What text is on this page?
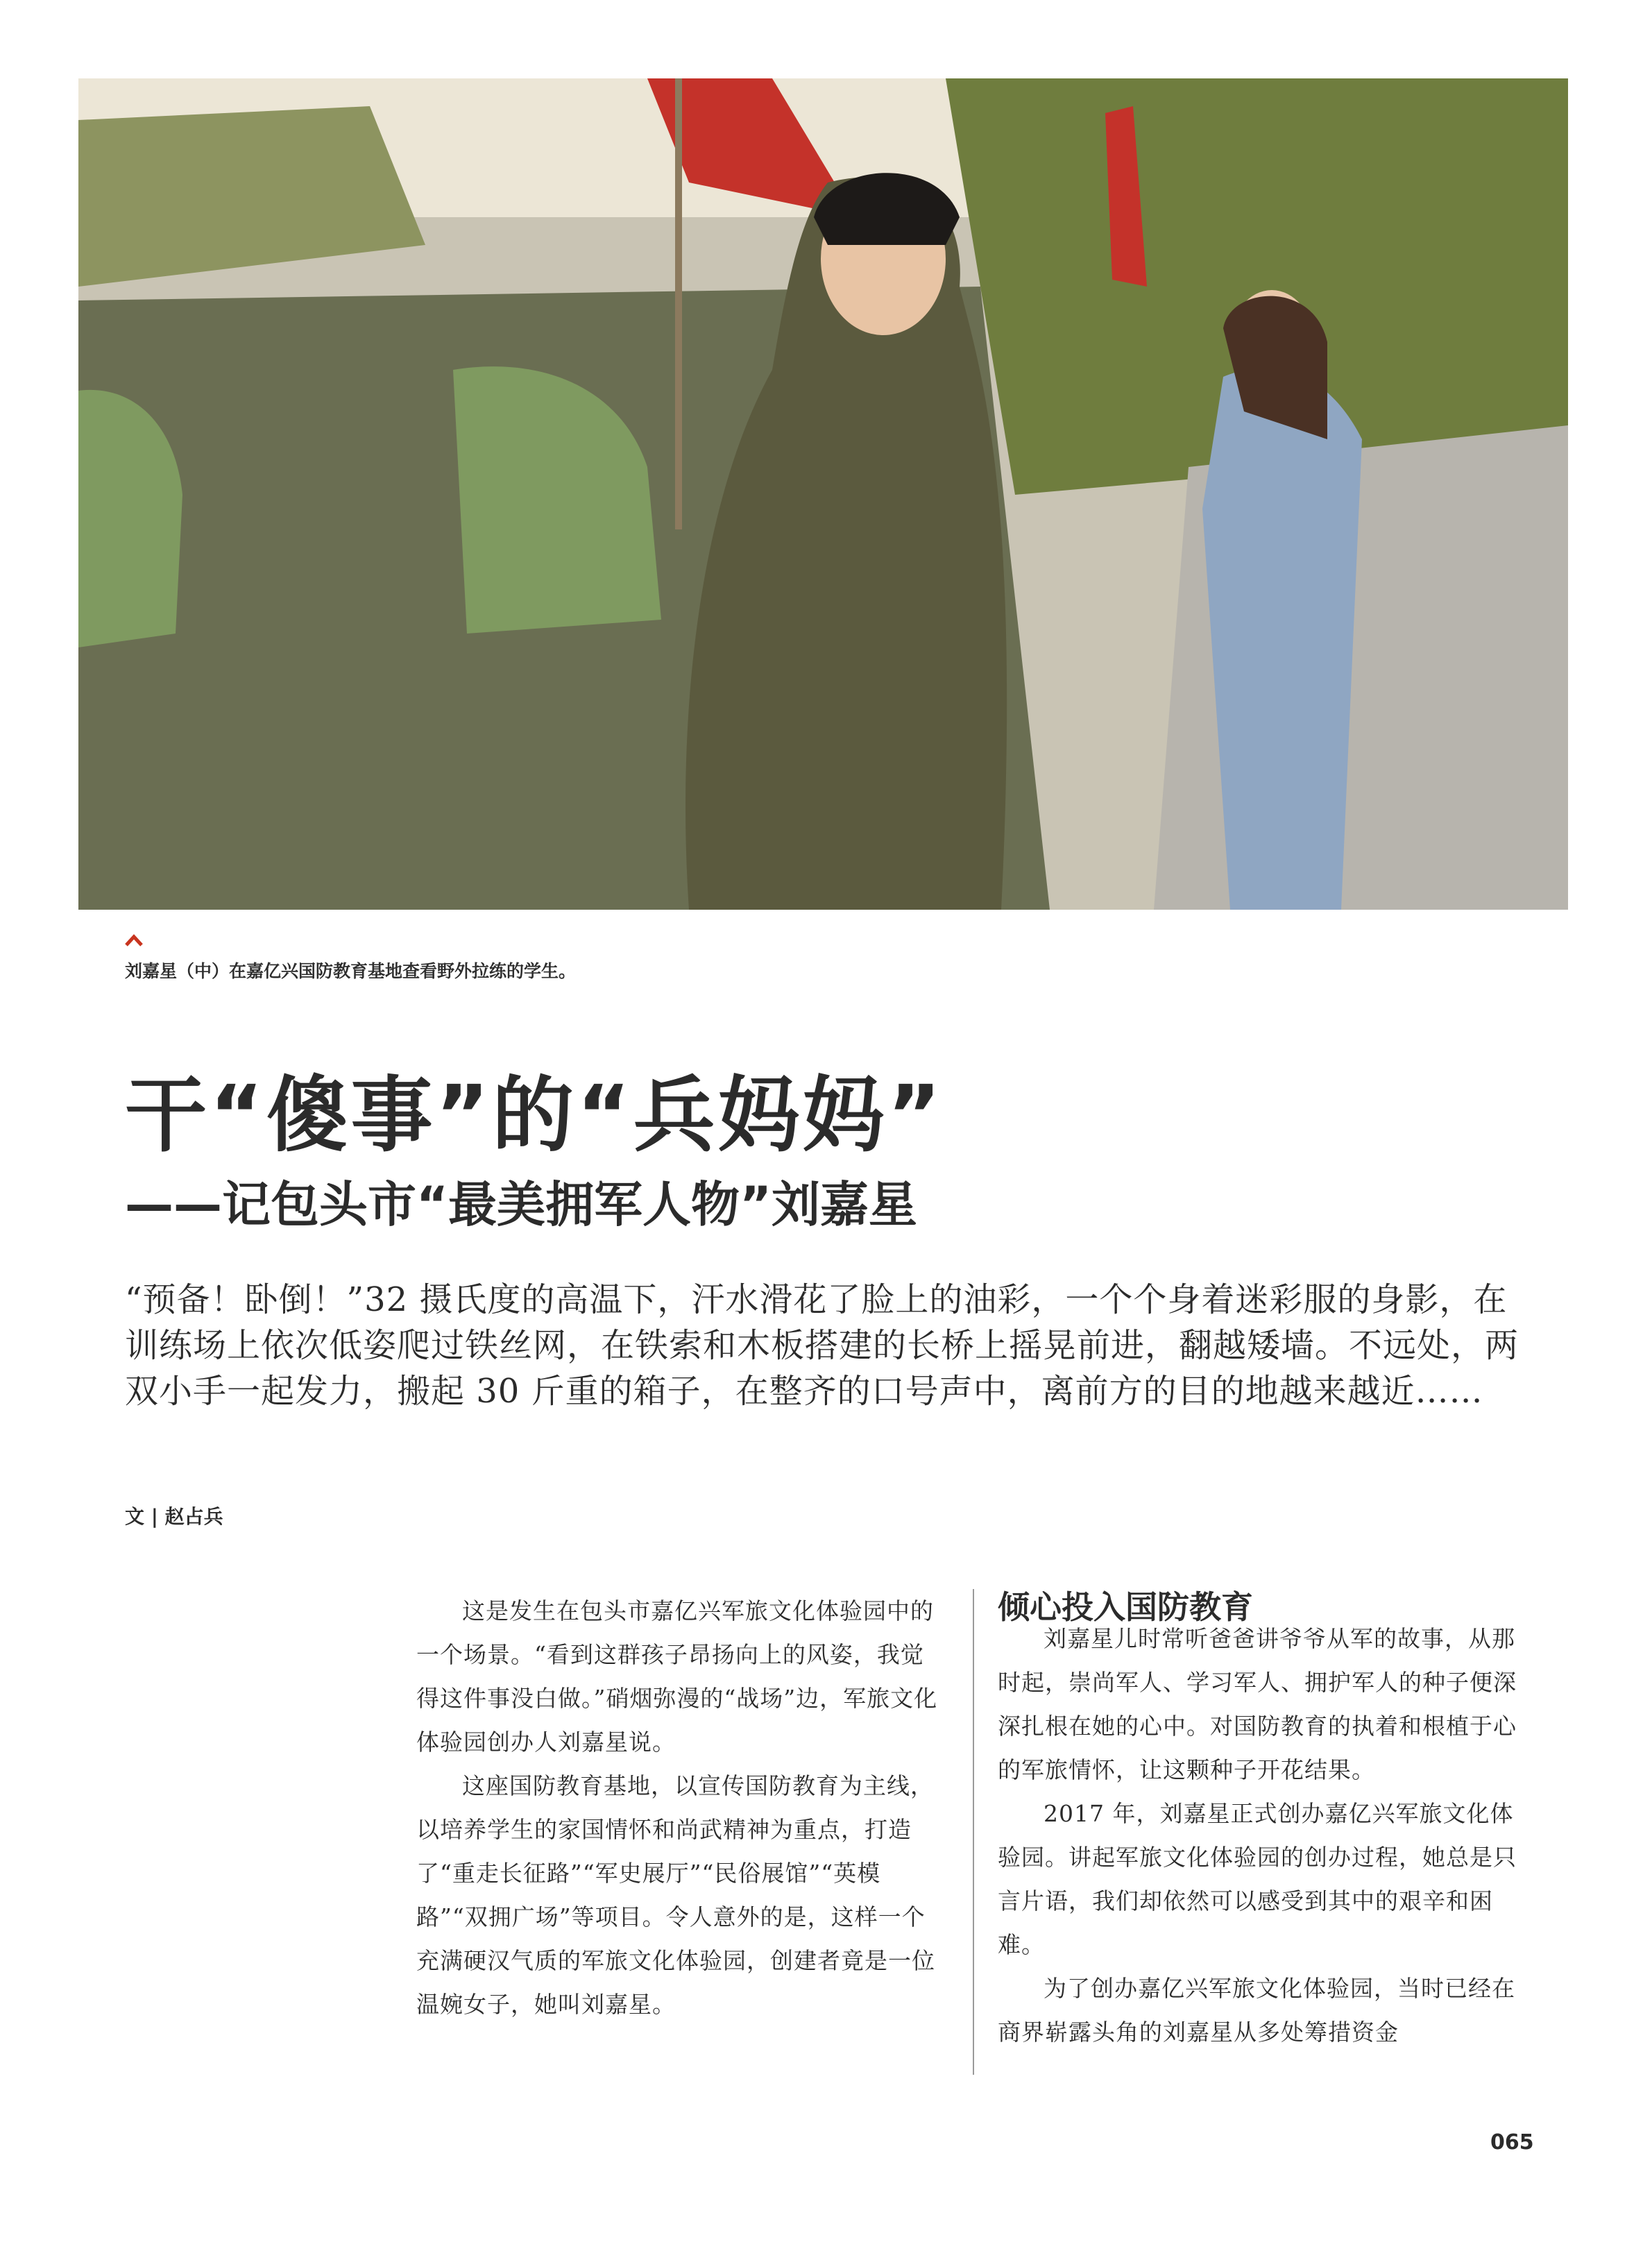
刘嘉星（中）在嘉亿兴国防教育基地查看野外拉练的学生。
干“傻事”的“兵妈妈”
——记包头市“最美拥军人物”刘嘉星
“预备！卧倒！”32 摄氏度的高温下，汗水滑花了脸上的油彩，一个个身着迷彩服的身影，在训练场上依次低姿爬过铁丝网，在铁索和木板搭建的长桥上摇晃前进，翻越矮墙。不远处，两双小手一起发力，搬起 30 斤重的箱子，在整齐的口号声中，离前方的目的地越来越近……
文 | 赵占兵

这是发生在包头市嘉亿兴军旅文化体验园中的一个场景。“看到这群孩子昂扬向上的风姿，我觉得这件事没白做。”硝烟弥漫的“战场”边，军旅文化体验园创办人刘嘉星说。

这座国防教育基地，以宣传国防教育为主线，以培养学生的家国情怀和尚武精神为重点，打造了“重走长征路”“军史展厅”“民俗展馆”“英模路”“双拥广场”等项目。令人意外的是，这样一个充满硬汉气质的军旅文化体验园，创建者竟是一位温婉女子，她叫刘嘉星。

倾心投入国防教育

刘嘉星儿时常听爸爸讲爷爷从军的故事，从那时起，崇尚军人、学习军人、拥护军人的种子便深深扎根在她的心中。对国防教育的执着和根植于心的军旅情怀，让这颗种子开花结果。

2017 年，刘嘉星正式创办嘉亿兴军旅文化体验园。讲起军旅文化体验园的创办过程，她总是只言片语，我们却依然可以感受到其中的艰辛和困难。

为了创办嘉亿兴军旅文化体验园，当时已经在商界崭露头角的刘嘉星从多处筹措资金

065
